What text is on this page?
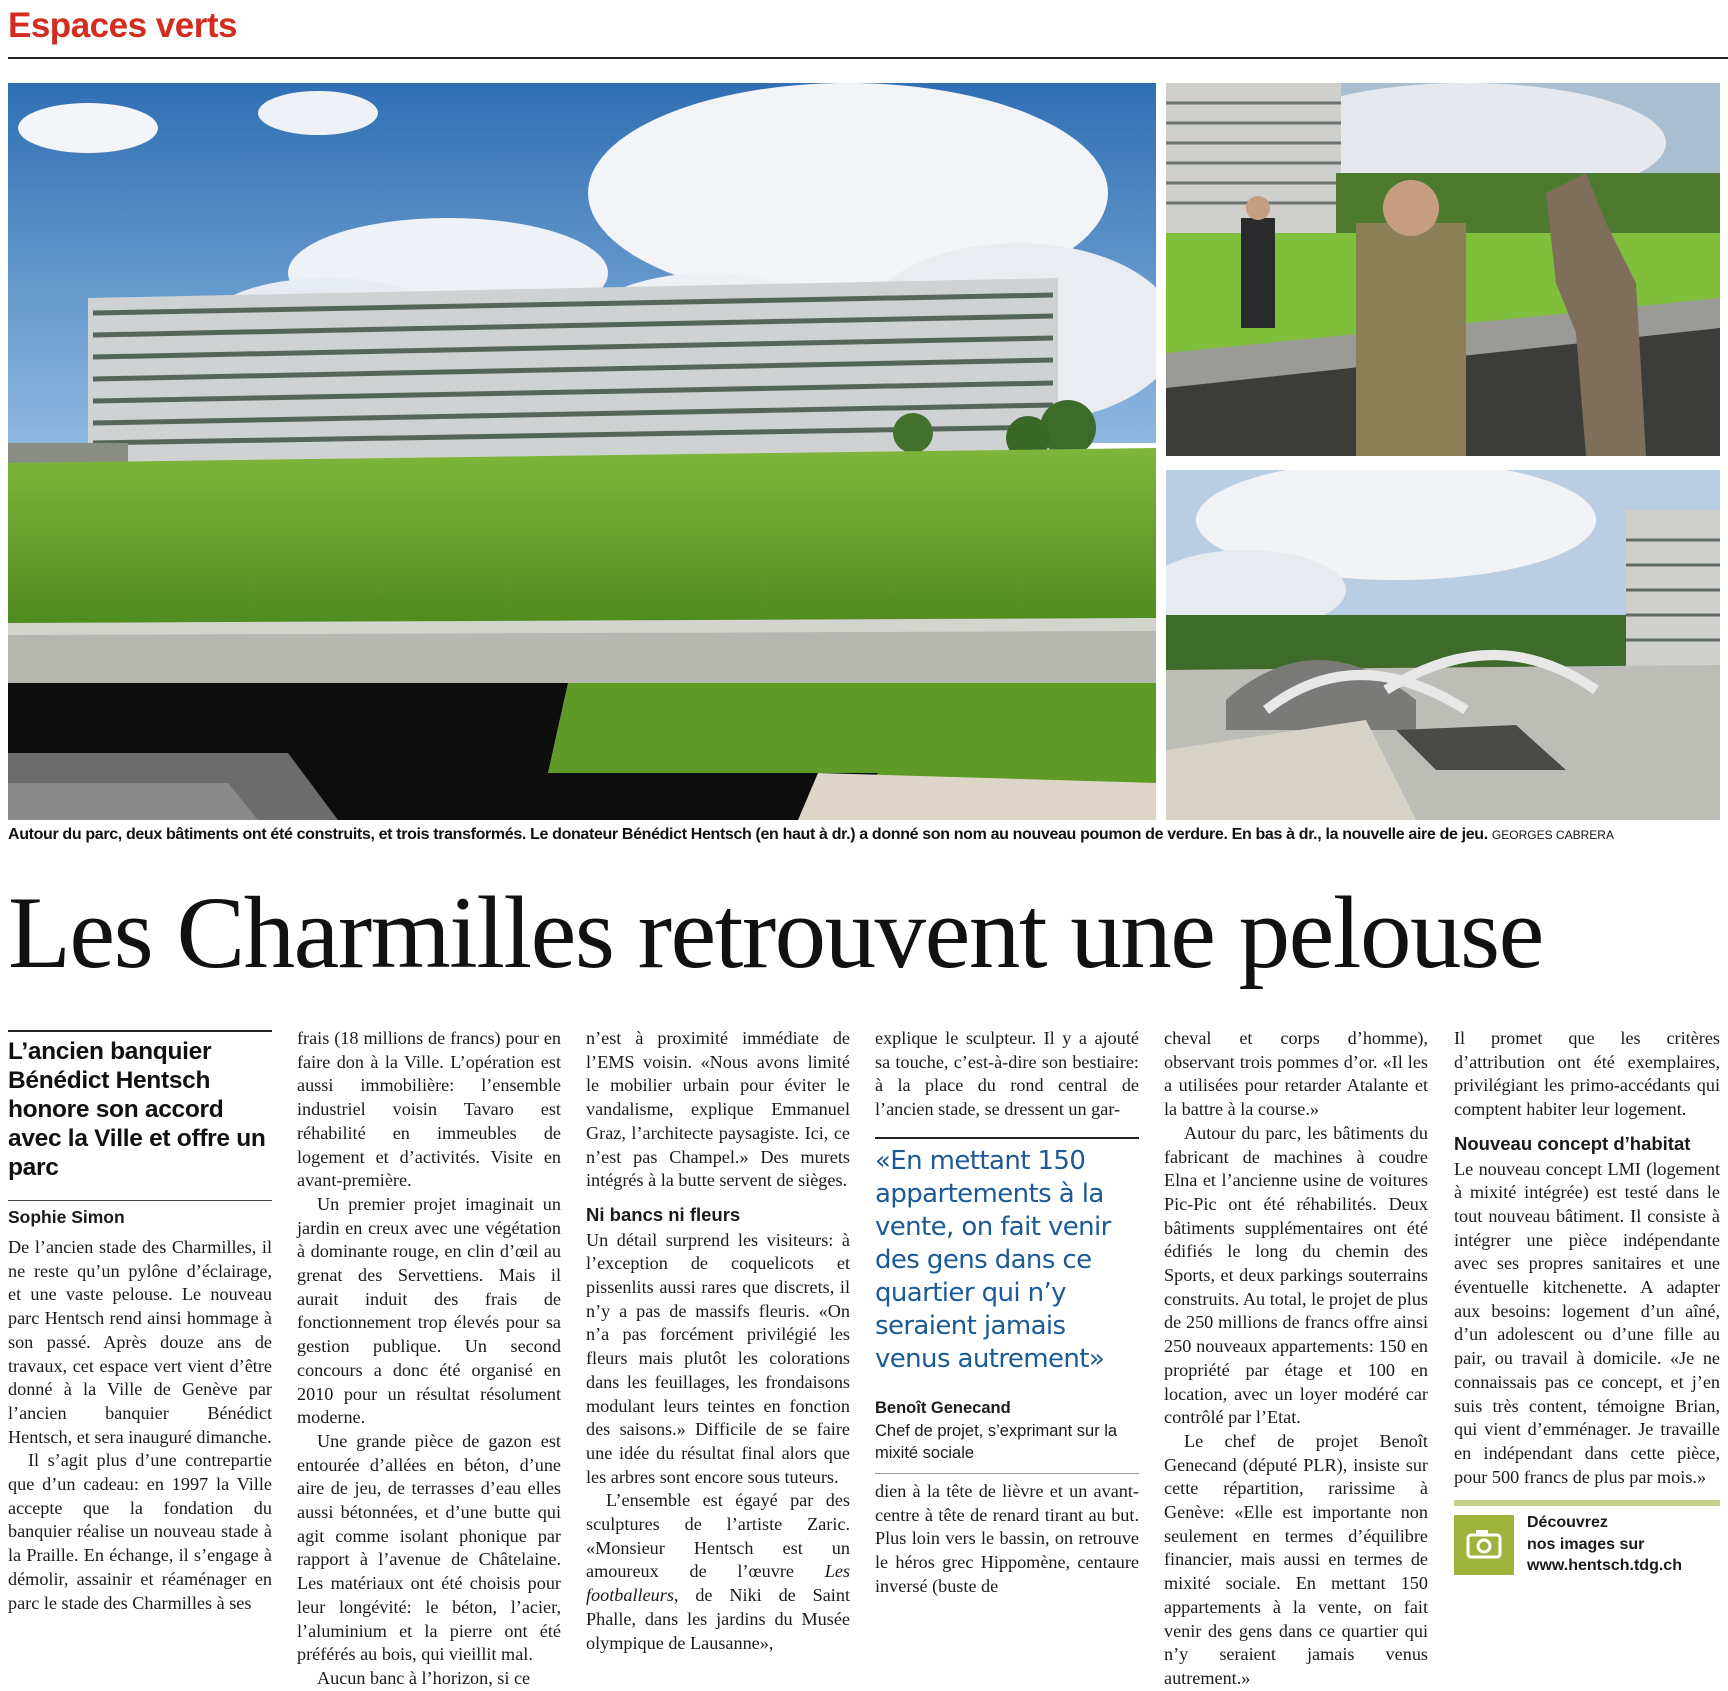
Espaces verts
Autour du parc, deux bâtiments ont été construits, et trois transformés. Le donateur Bénédict Hentsch (en haut à dr.) a donné son nom au nouveau poumon de verdure. En bas à dr., la nouvelle aire de jeu. GEORGES CABRERA
Les Charmilles retrouvent une pelouse
L’ancien banquier Bénédict Hentsch honore son accord avec la Ville et offre un parc
Sophie Simon

De l’ancien stade des Charmilles, il ne reste qu’un pylône d’éclairage, et une vaste pelouse. Le nouveau parc Hentsch rend ainsi hommage à son passé. Après douze ans de travaux, cet espace vert vient d’être donné à la Ville de Genève par l’ancien banquier Bénédict Hentsch, et sera inauguré dimanche.

Il s’agit plus d’une contrepartie que d’un cadeau: en 1997 la Ville accepte que la fondation du banquier réalise un nouveau stade à la Praille. En échange, il s’engage à démolir, assainir et réaménager en parc le stade des Charmilles à ses

frais (18 millions de francs) pour en faire don à la Ville. L’opération est aussi immobilière: l’ensemble industriel voisin Tavaro est réhabilité en immeubles de logement et d’activités. Visite en avant-première.

Un premier projet imaginait un jardin en creux avec une végétation à dominante rouge, en clin d’œil au grenat des Servettiens. Mais il aurait induit des frais de fonctionnement trop élevés pour sa gestion publique. Un second concours a donc été organisé en 2010 pour un résultat résolument moderne.

Une grande pièce de gazon est entourée d’allées en béton, d’une aire de jeu, de terrasses d’eau elles aussi bétonnées, et d’une butte qui agit comme isolant phonique par rapport à l’avenue de Châtelaine. Les matériaux ont été choisis pour leur longévité: le béton, l’acier, l’aluminium et la pierre ont été préférés au bois, qui vieillit mal.

Aucun banc à l’horizon, si ce

n’est à proximité immédiate de l’EMS voisin. «Nous avons limité le mobilier urbain pour éviter le vandalisme, explique Emmanuel Graz, l’architecte paysagiste. Ici, ce n’est pas Champel.» Des murets intégrés à la butte servent de sièges.

Ni bancs ni fleurs

Un détail surprend les visiteurs: à l’exception de coquelicots et pissenlits aussi rares que discrets, il n’y a pas de massifs fleuris. «On n’a pas forcément privilégié les fleurs mais plutôt les colorations dans les feuillages, les frondaisons modulant leurs teintes en fonction des saisons.» Difficile de se faire une idée du résultat final alors que les arbres sont encore sous tuteurs.

L’ensemble est égayé par des sculptures de l’artiste Zaric. «Monsieur Hentsch est un amoureux de l’œuvre Les footballeurs, de Niki de Saint Phalle, dans les jardins du Musée olympique de Lausanne»,

explique le sculpteur. Il y a ajouté sa touche, c’est-à-dire son bestiaire: à la place du rond central de l’ancien stade, se dressent un gar-

«En mettant 150 appartements à la vente, on fait venir des gens dans ce quartier qui n’y seraient jamais venus autrement»
Benoît Genecand
Chef de projet, s’exprimant sur la mixité sociale

dien à la tête de lièvre et un avant-centre à tête de renard tirant au but. Plus loin vers le bassin, on retrouve le héros grec Hippomène, centaure inversé (buste de

cheval et corps d’homme), observant trois pommes d’or. «Il les a utilisées pour retarder Atalante et la battre à la course.»

Autour du parc, les bâtiments du fabricant de machines à coudre Elna et l’ancienne usine de voitures Pic-Pic ont été réhabilités. Deux bâtiments supplémentaires ont été édifiés le long du chemin des Sports, et deux parkings souterrains construits. Au total, le projet de plus de 250 millions de francs offre ainsi 250 nouveaux appartements: 150 en propriété par étage et 100 en location, avec un loyer modéré car contrôlé par l’Etat.

Le chef de projet Benoît Genecand (député PLR), insiste sur cette répartition, rarissime à Genève: «Elle est importante non seulement en termes d’équilibre financier, mais aussi en termes de mixité sociale. En mettant 150 appartements à la vente, on fait venir des gens dans ce quartier qui n’y seraient jamais venus autrement.»

Il promet que les critères d’attribution ont été exemplaires, privilégiant les primo-accédants qui comptent habiter leur logement.

Nouveau concept d’habitat

Le nouveau concept LMI (logement à mixité intégrée) est testé dans le tout nouveau bâtiment. Il consiste à intégrer une pièce indépendante avec ses propres sanitaires et une éventuelle kitchenette. A adapter aux besoins: logement d’un aîné, d’un adolescent ou d’une fille au pair, ou travail à domicile. «Je ne connaissais pas ce concept, et j’en suis très content, témoigne Brian, qui vient d’emménager. Je travaille en indépendant dans cette pièce, pour 500 francs de plus par mois.»

Découvrez
nos images sur
www.hentsch.tdg.ch
